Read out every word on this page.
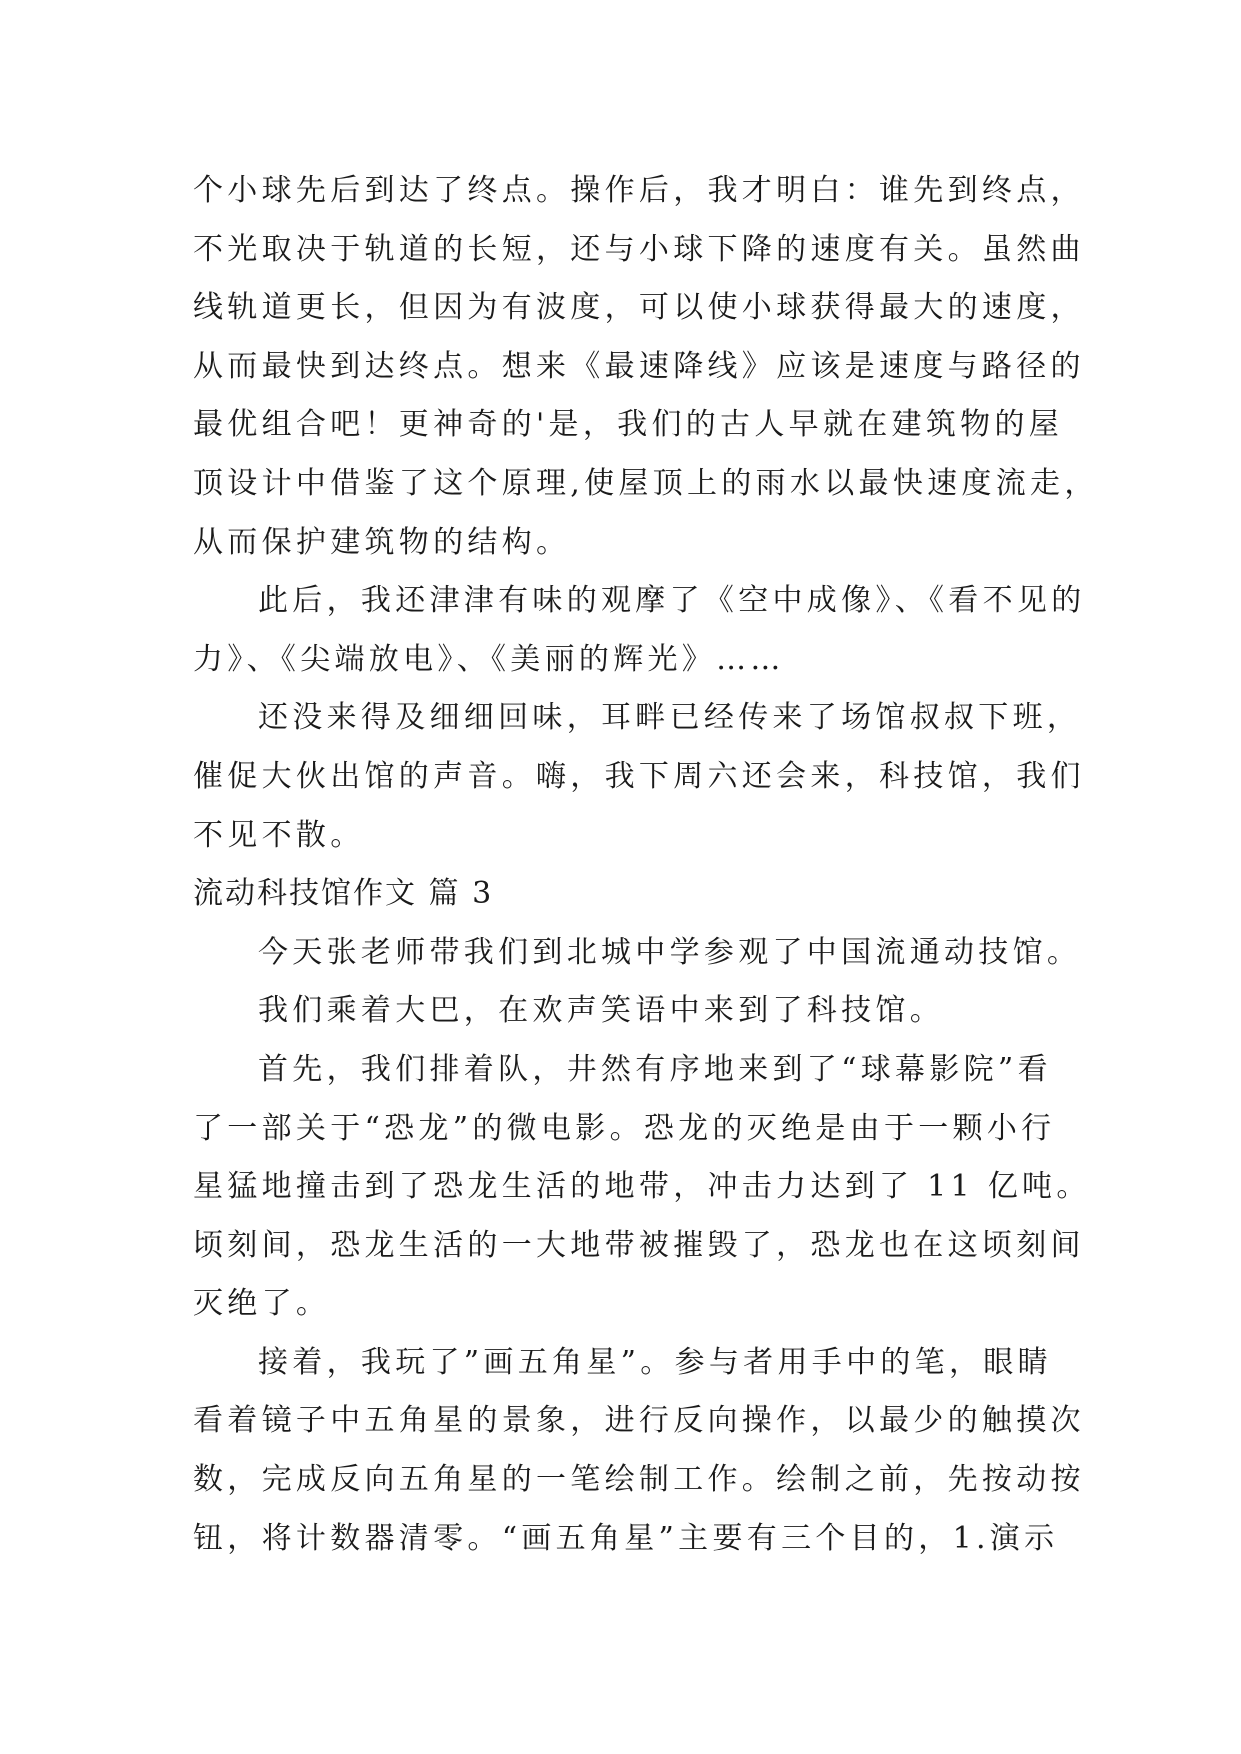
个小球先后到达了终点。操作后，我才明白：谁先到终点，
不光取决于轨道的长短，还与小球下降的速度有关。虽然曲
线轨道更长，但因为有波度，可以使小球获得最大的速度，
从而最快到达终点。想来《最速降线》应该是速度与路径的
最优组合吧！更神奇的'是，我们的古人早就在建筑物的屋
顶设计中借鉴了这个原理,使屋顶上的雨水以最快速度流走，
从而保护建筑物的结构。
此后，我还津津有味的观摩了《空中成像》、《看不见的
力》、《尖端放电》、《美丽的辉光》……
还没来得及细细回味，耳畔已经传来了场馆叔叔下班，
催促大伙出馆的声音。嗨，我下周六还会来，科技馆，我们
不见不散。
流动科技馆作文 篇 3
今天张老师带我们到北城中学参观了中国流通动技馆。
我们乘着大巴，在欢声笑语中来到了科技馆。
首先，我们排着队，井然有序地来到了“球幕影院”看
了一部关于“恐龙”的微电影。恐龙的灭绝是由于一颗小行
星猛地撞击到了恐龙生活的地带，冲击力达到了 11 亿吨。
顷刻间，恐龙生活的一大地带被摧毁了，恐龙也在这顷刻间
灭绝了。
接着，我玩了”画五角星”。参与者用手中的笔，眼睛
看着镜子中五角星的景象，进行反向操作，以最少的触摸次
数，完成反向五角星的一笔绘制工作。绘制之前，先按动按
钮，将计数器清零。“画五角星”主要有三个目的，1.演示
